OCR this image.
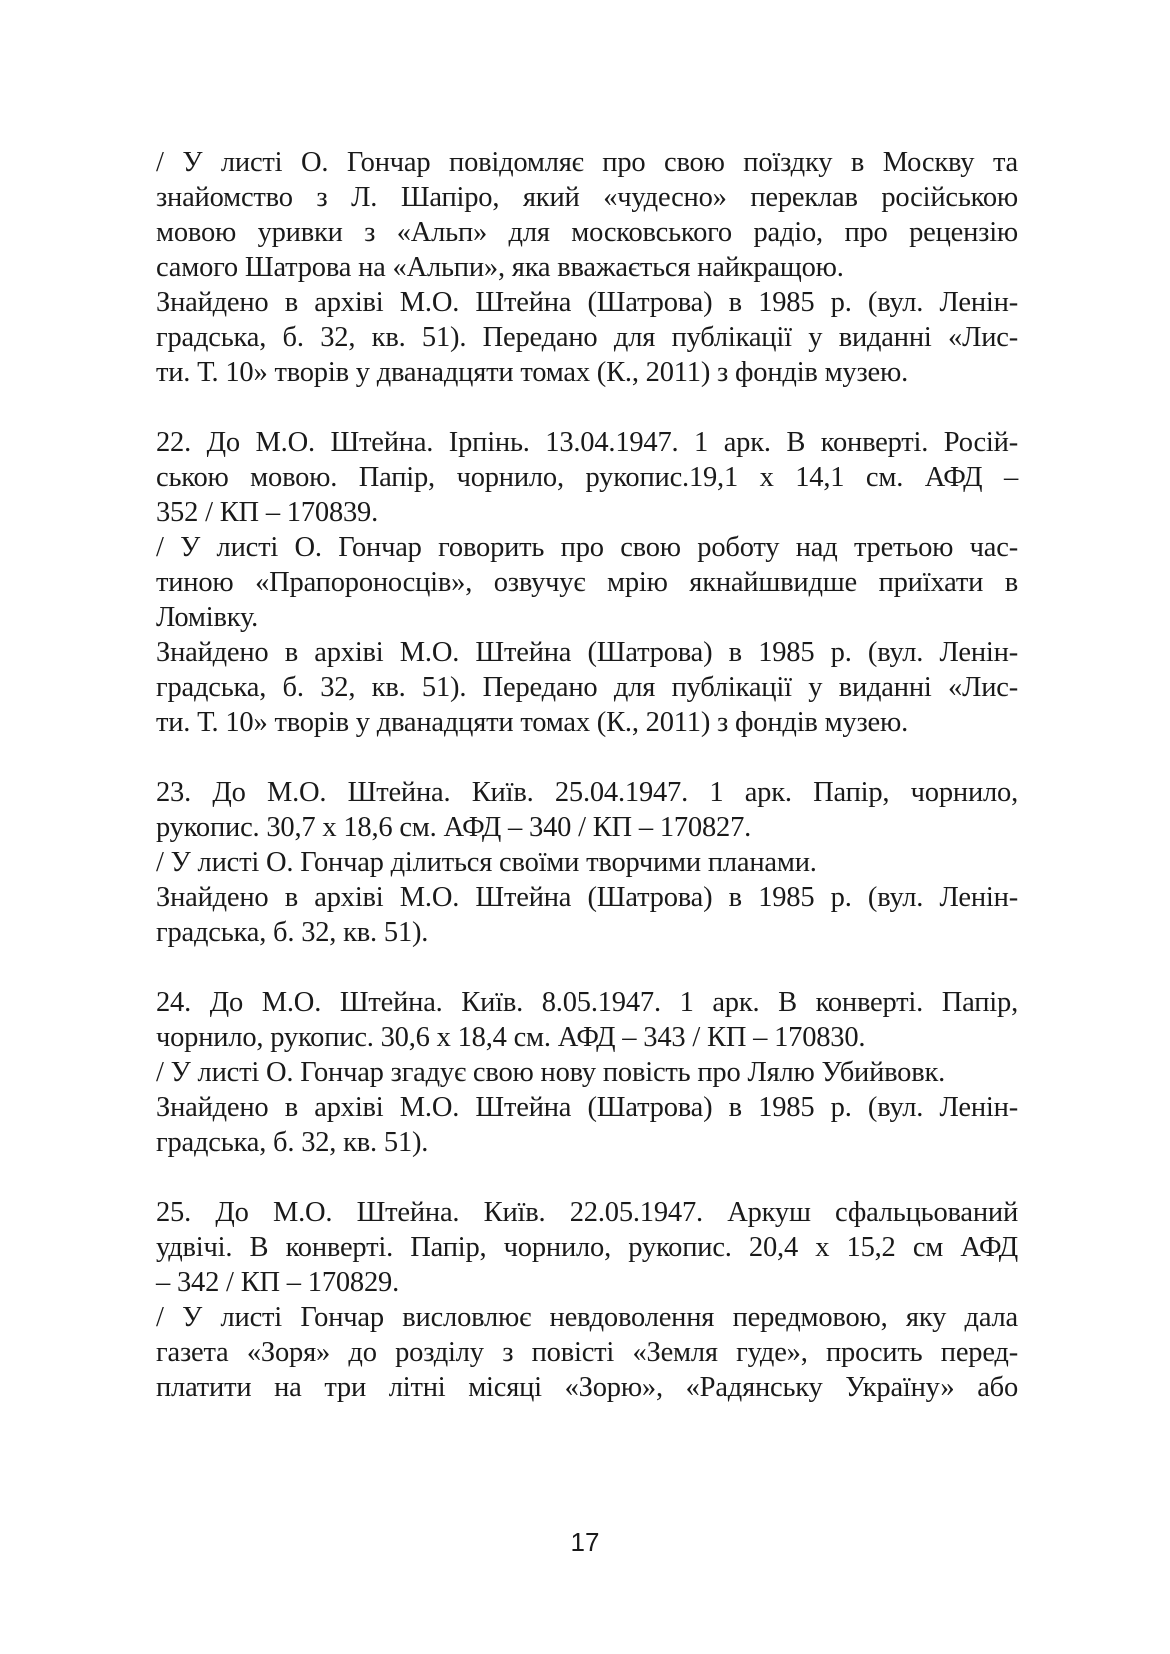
/ У листі О. Гончар повідомляє про свою поїздку в Москву та
знайомство з Л. Шапіро, який «чудесно» переклав російською
мовою уривки з «Альп» для московського радіо, про рецензію
самого Шатрова на «Альпи», яка вважається найкращою.
Знайдено в архіві М.О. Штейна (Шатрова) в 1985 р. (вул. Ленін-
градська, б. 32, кв. 51). Передано для публікації у виданні «Лис-
ти. Т. 10» творів у дванадцяти томах (К., 2011) з фондів музею.
22. До М.О. Штейна. Ірпінь. 13.04.1947. 1 арк. В конверті. Росій-
ською мовою. Папір, чорнило, рукопис.19,1 х 14,1 см. АФД –
352 / КП – 170839.
/ У листі О. Гончар говорить про свою роботу над третьою час-
тиною «Прапороносців», озвучує мрію якнайшвидше приїхати в
Ломівку.
Знайдено в архіві М.О. Штейна (Шатрова) в 1985 р. (вул. Ленін-
градська, б. 32, кв. 51). Передано для публікації у виданні «Лис-
ти. Т. 10» творів у дванадцяти томах (К., 2011) з фондів музею.
23. До М.О. Штейна. Київ. 25.04.1947. 1 арк. Папір, чорнило,
рукопис. 30,7 х 18,6 см. АФД – 340 / КП – 170827.
/ У листі О. Гончар ділиться своїми творчими планами.
Знайдено в архіві М.О. Штейна (Шатрова) в 1985 р. (вул. Ленін-
градська, б. 32, кв. 51).
24. До М.О. Штейна. Київ. 8.05.1947. 1 арк. В конверті. Папір,
чорнило, рукопис. 30,6 х 18,4 см. АФД – 343 / КП – 170830.
/ У листі О. Гончар згадує свою нову повість про Лялю Убийвовк.
Знайдено в архіві М.О. Штейна (Шатрова) в 1985 р. (вул. Ленін-
градська, б. 32, кв. 51).
25. До М.О. Штейна. Київ. 22.05.1947. Аркуш сфальцьований
удвічі. В конверті. Папір, чорнило, рукопис. 20,4 х 15,2 см АФД
– 342 / КП – 170829.
/ У листі Гончар висловлює невдоволення передмовою, яку дала
газета «Зоря» до розділу з повісті «Земля гуде», просить перед-
платити на три літні місяці «Зорю», «Радянську Україну» або
17
